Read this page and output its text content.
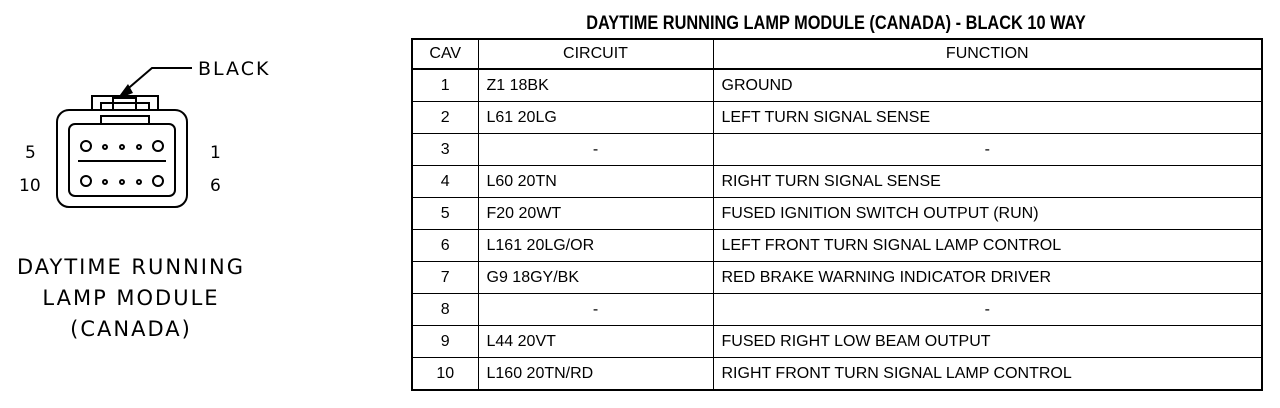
BLACK
5	1
10	6
DAYTIME RUNNING
LAMP MODULE
(CANADA)
DAYTIME RUNNING LAMP MODULE (CANADA) - BLACK 10 WAY
CAV	CIRCUIT	FUNCTION
1	Z1 18BK	GROUND
2	L61 20LG	LEFT TURN SIGNAL SENSE
3	-	-
4	L60 20TN	RIGHT TURN SIGNAL SENSE
5	F20 20WT	FUSED IGNITION SWITCH OUTPUT (RUN)
6	L161 20LG/OR	LEFT FRONT TURN SIGNAL LAMP CONTROL
7	G9 18GY/BK	RED BRAKE WARNING INDICATOR DRIVER
8	-	-
9	L44 20VT	FUSED RIGHT LOW BEAM OUTPUT
10	L160 20TN/RD	RIGHT FRONT TURN SIGNAL LAMP CONTROL
